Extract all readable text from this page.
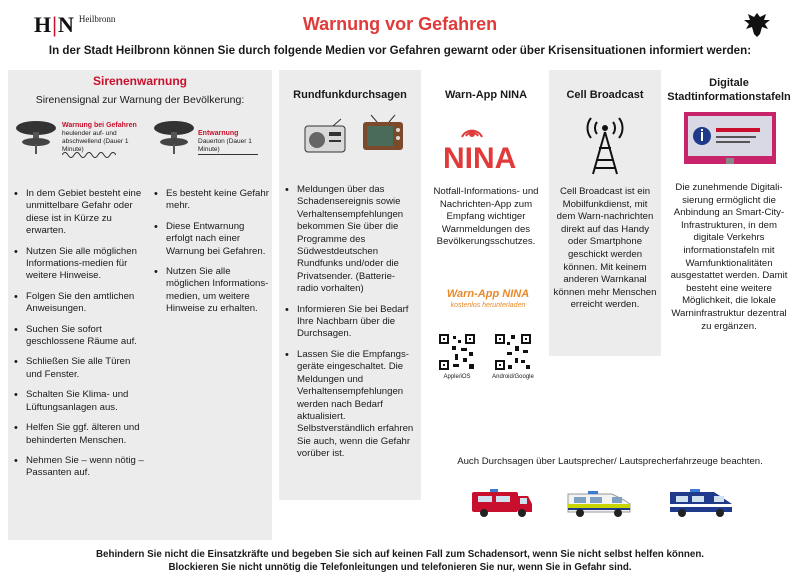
H|N Heilbronn	Warnung vor Gefahren
In der Stadt Heilbronn können Sie durch folgende Medien vor Gefahren gewarnt oder über Krisensituationen informiert werden:
Sirenenwarnung
Sirenensignal zur Warnung der Bevölkerung:
Warnung bei Gefahren
heulender auf- und abschwellend (Dauer 1 Minute)
Entwarnung
Dauerton (Dauer 1 Minute)
• In dem Gebiet besteht eine unmittelbare Gefahr oder diese ist in Kürze zu erwarten.
• Nutzen Sie alle möglichen Informations-medien für weitere Hinweise.
• Folgen Sie den amtlichen Anweisungen.
• Suchen Sie sofort geschlossene Räume auf.
• Schließen Sie alle Türen und Fenster.
• Schalten Sie Klima- und Lüftungsanlagen aus.
• Helfen Sie ggf. älteren und behinderten Menschen.
• Nehmen Sie – wenn nötig – Passanten auf.
• Es besteht keine Gefahr mehr.
• Diese Entwarnung erfolgt nach einer Warnung bei Gefahren.
• Nutzen Sie alle möglichen Informations-medien, um weitere Hinweise zu erhalten.
Rundfunkdurchsagen
• Meldungen über das Schadensereignis sowie Verhaltensempfehlungen bekommen Sie über die Programme des Südwestdeutschen Rundfunks und/oder die Privatsender. (Batterie-radio vorhalten)
• Informieren Sie bei Bedarf Ihre Nachbarn über die Durchsagen.
• Lassen Sie die Empfangs-geräte eingeschaltet. Die Meldungen und Verhaltensempfehlungen werden nach Bedarf aktualisiert. Selbstverständlich erfahren Sie auch, wenn die Gefahr vorüber ist.
Warn-App NINA
NINA
Notfall-Informations- und Nachrichten-App zum Empfang wichtiger Warnmeldungen des Bevölkerungsschutzes.
Warn-App NINA
kostenlos herunterladen
Apple/iOS	Android/Google
Cell Broadcast
Cell Broadcast ist ein Mobilfunkdienst, mit dem Warn-nachrichten direkt auf das Handy oder Smartphone geschickt werden können. Mit keinem anderen Warnkanal können mehr Menschen erreicht werden.
Digitale Stadtinformationstafeln
Die zunehmende Digitali-sierung ermöglicht die Anbindung an Smart-City-Infrastrukturen, in dem digitale Verkehrs informationstafeln mit Warnfunktionalitäten ausgestattet werden. Damit besteht eine weitere Möglichkeit, die lokale Warninfrastruktur dezentral zu ergänzen.
Auch Durchsagen über Lautsprecher/ Lautsprecherfahrzeuge beachten.
Behindern Sie nicht die Einsatzkräfte und begeben Sie sich auf keinen Fall zum Schadensort, wenn Sie nicht selbst helfen können.
Blockieren Sie nicht unnötig die Telefonleitungen und telefonieren Sie nur, wenn Sie in Gefahr sind.
